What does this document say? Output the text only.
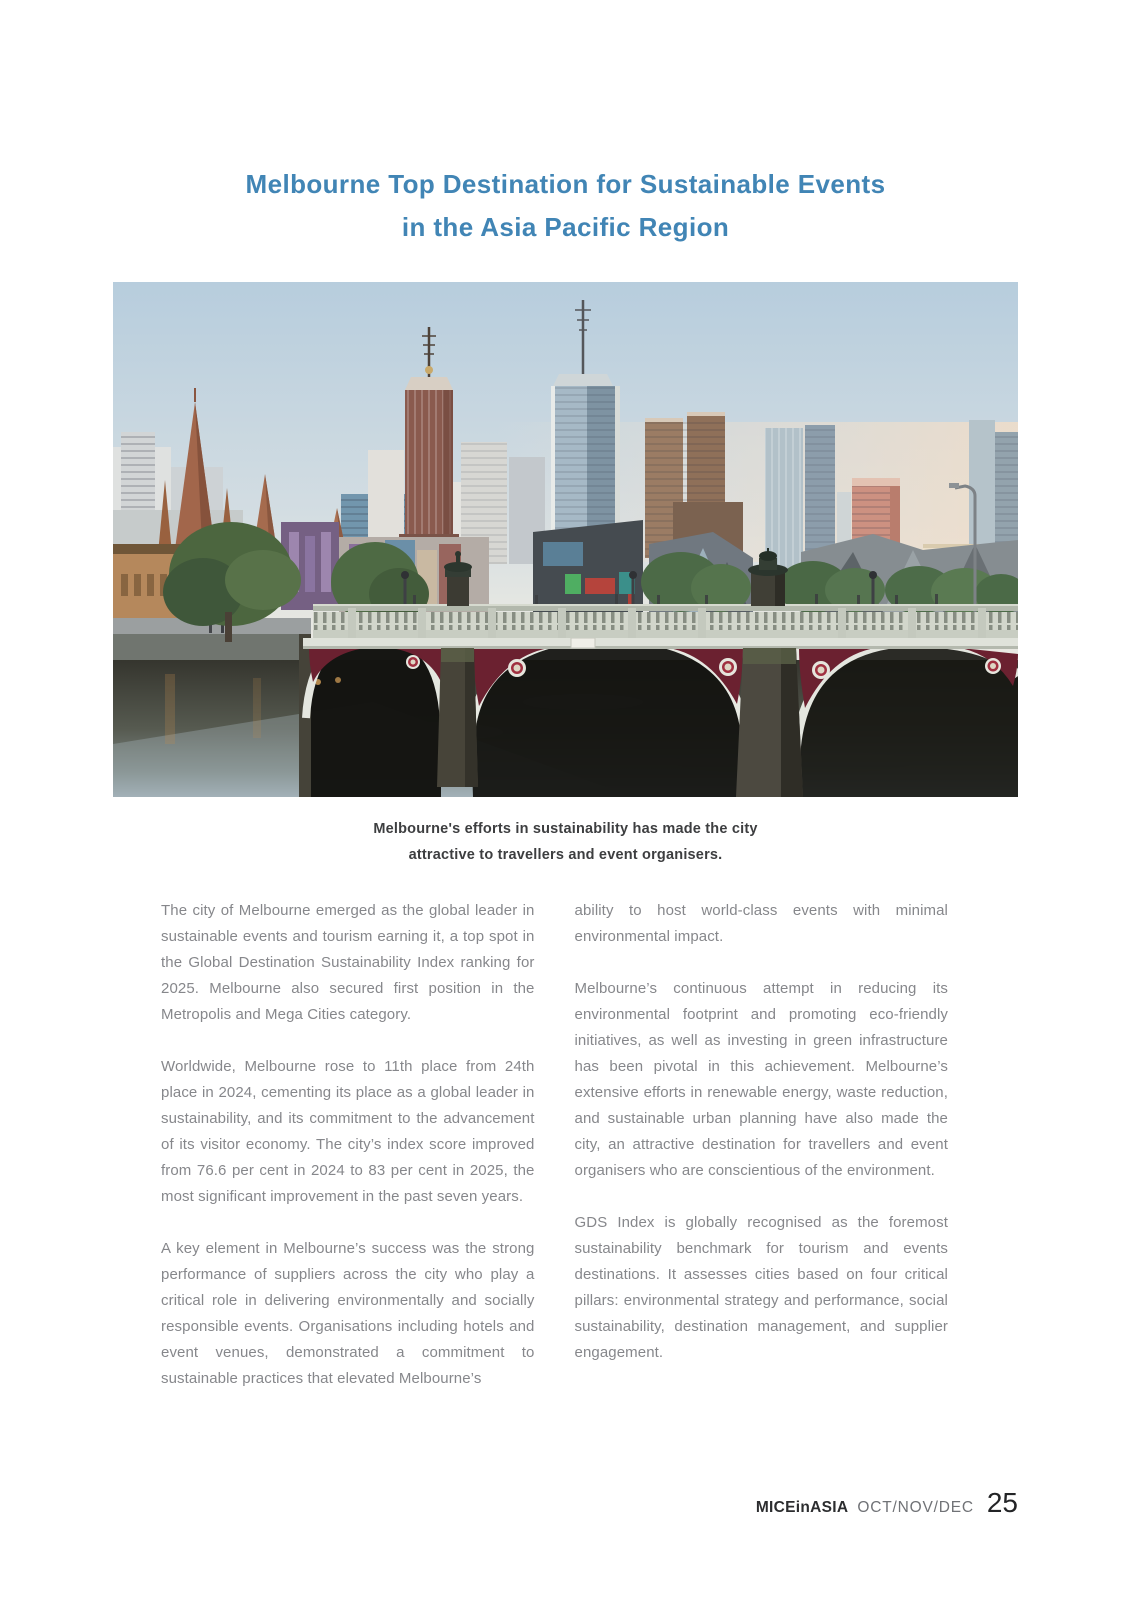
Melbourne Top Destination for Sustainable Events
in the Asia Pacific Region
Melbourne's efforts in sustainability has made the city
attractive to travellers and event organisers.

The city of Melbourne emerged as the global leader in sustainable events and tourism earning it, a top spot in the Global Destination Sustainability Index ranking for 2025. Melbourne also secured first position in the Metropolis and Mega Cities category.

Worldwide, Melbourne rose to 11th place from 24th place in 2024, cementing its place as a global leader in sustainability, and its commitment to the advancement of its visitor economy. The city’s index score improved from 76.6 per cent in 2024 to 83 per cent in 2025, the most significant improvement in the past seven years.

A key element in Melbourne’s success was the strong performance of suppliers across the city who play a critical role in delivering environmentally and socially responsible events. Organisations including hotels and event venues, demonstrated a commitment to sustainable practices that elevated Melbourne’s

ability to host world-class events with minimal environmental impact.

Melbourne’s continuous attempt in reducing its environmental footprint and promoting eco-friendly initiatives, as well as investing in green infrastructure has been pivotal in this achievement. Melbourne’s extensive efforts in renewable energy, waste reduction, and sustainable urban planning have also made the city, an attractive destination for travellers and event organisers who are conscientious of the environment.

GDS Index is globally recognised as the foremost sustainability benchmark for tourism and events destinations. It assesses cities based on four critical pillars: environmental strategy and performance, social sustainability, destination management, and supplier engagement.

MICEinASIA OCT/NOV/DEC 25
